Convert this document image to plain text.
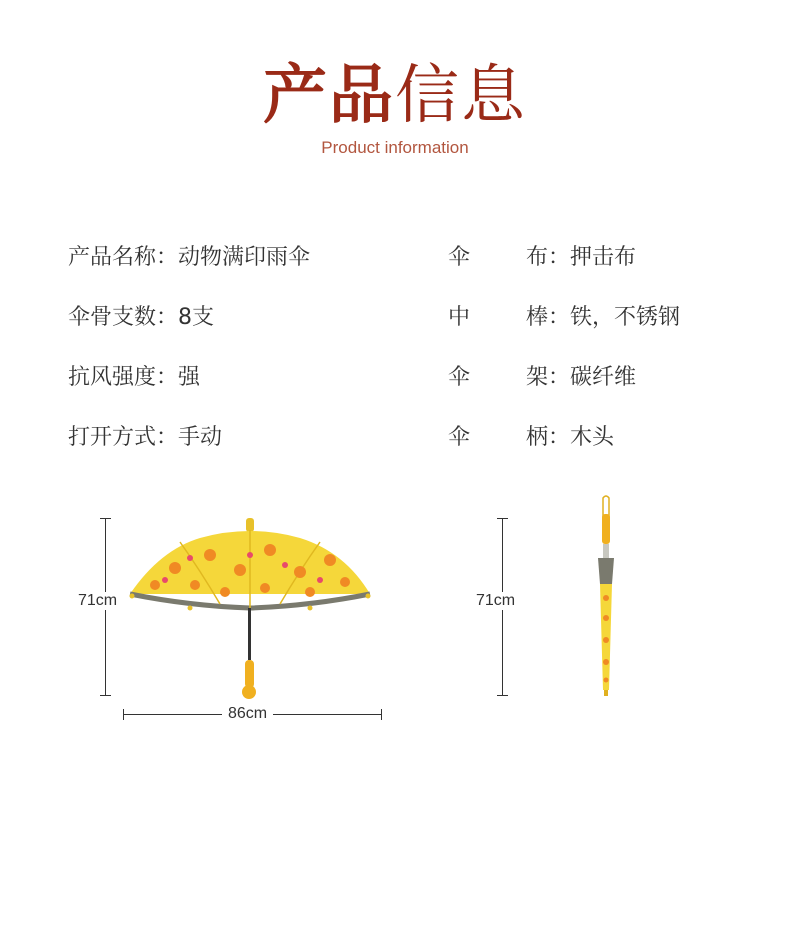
产品信息
Product information
产品名称：动物满印雨伞
伞骨支数：8支
抗风强度：强
打开方式：手动
伞	布：押击布
中	棒：铁，不锈钢
伞	架：碳纤维
伞	柄：木头
71cm
86cm
71cm
